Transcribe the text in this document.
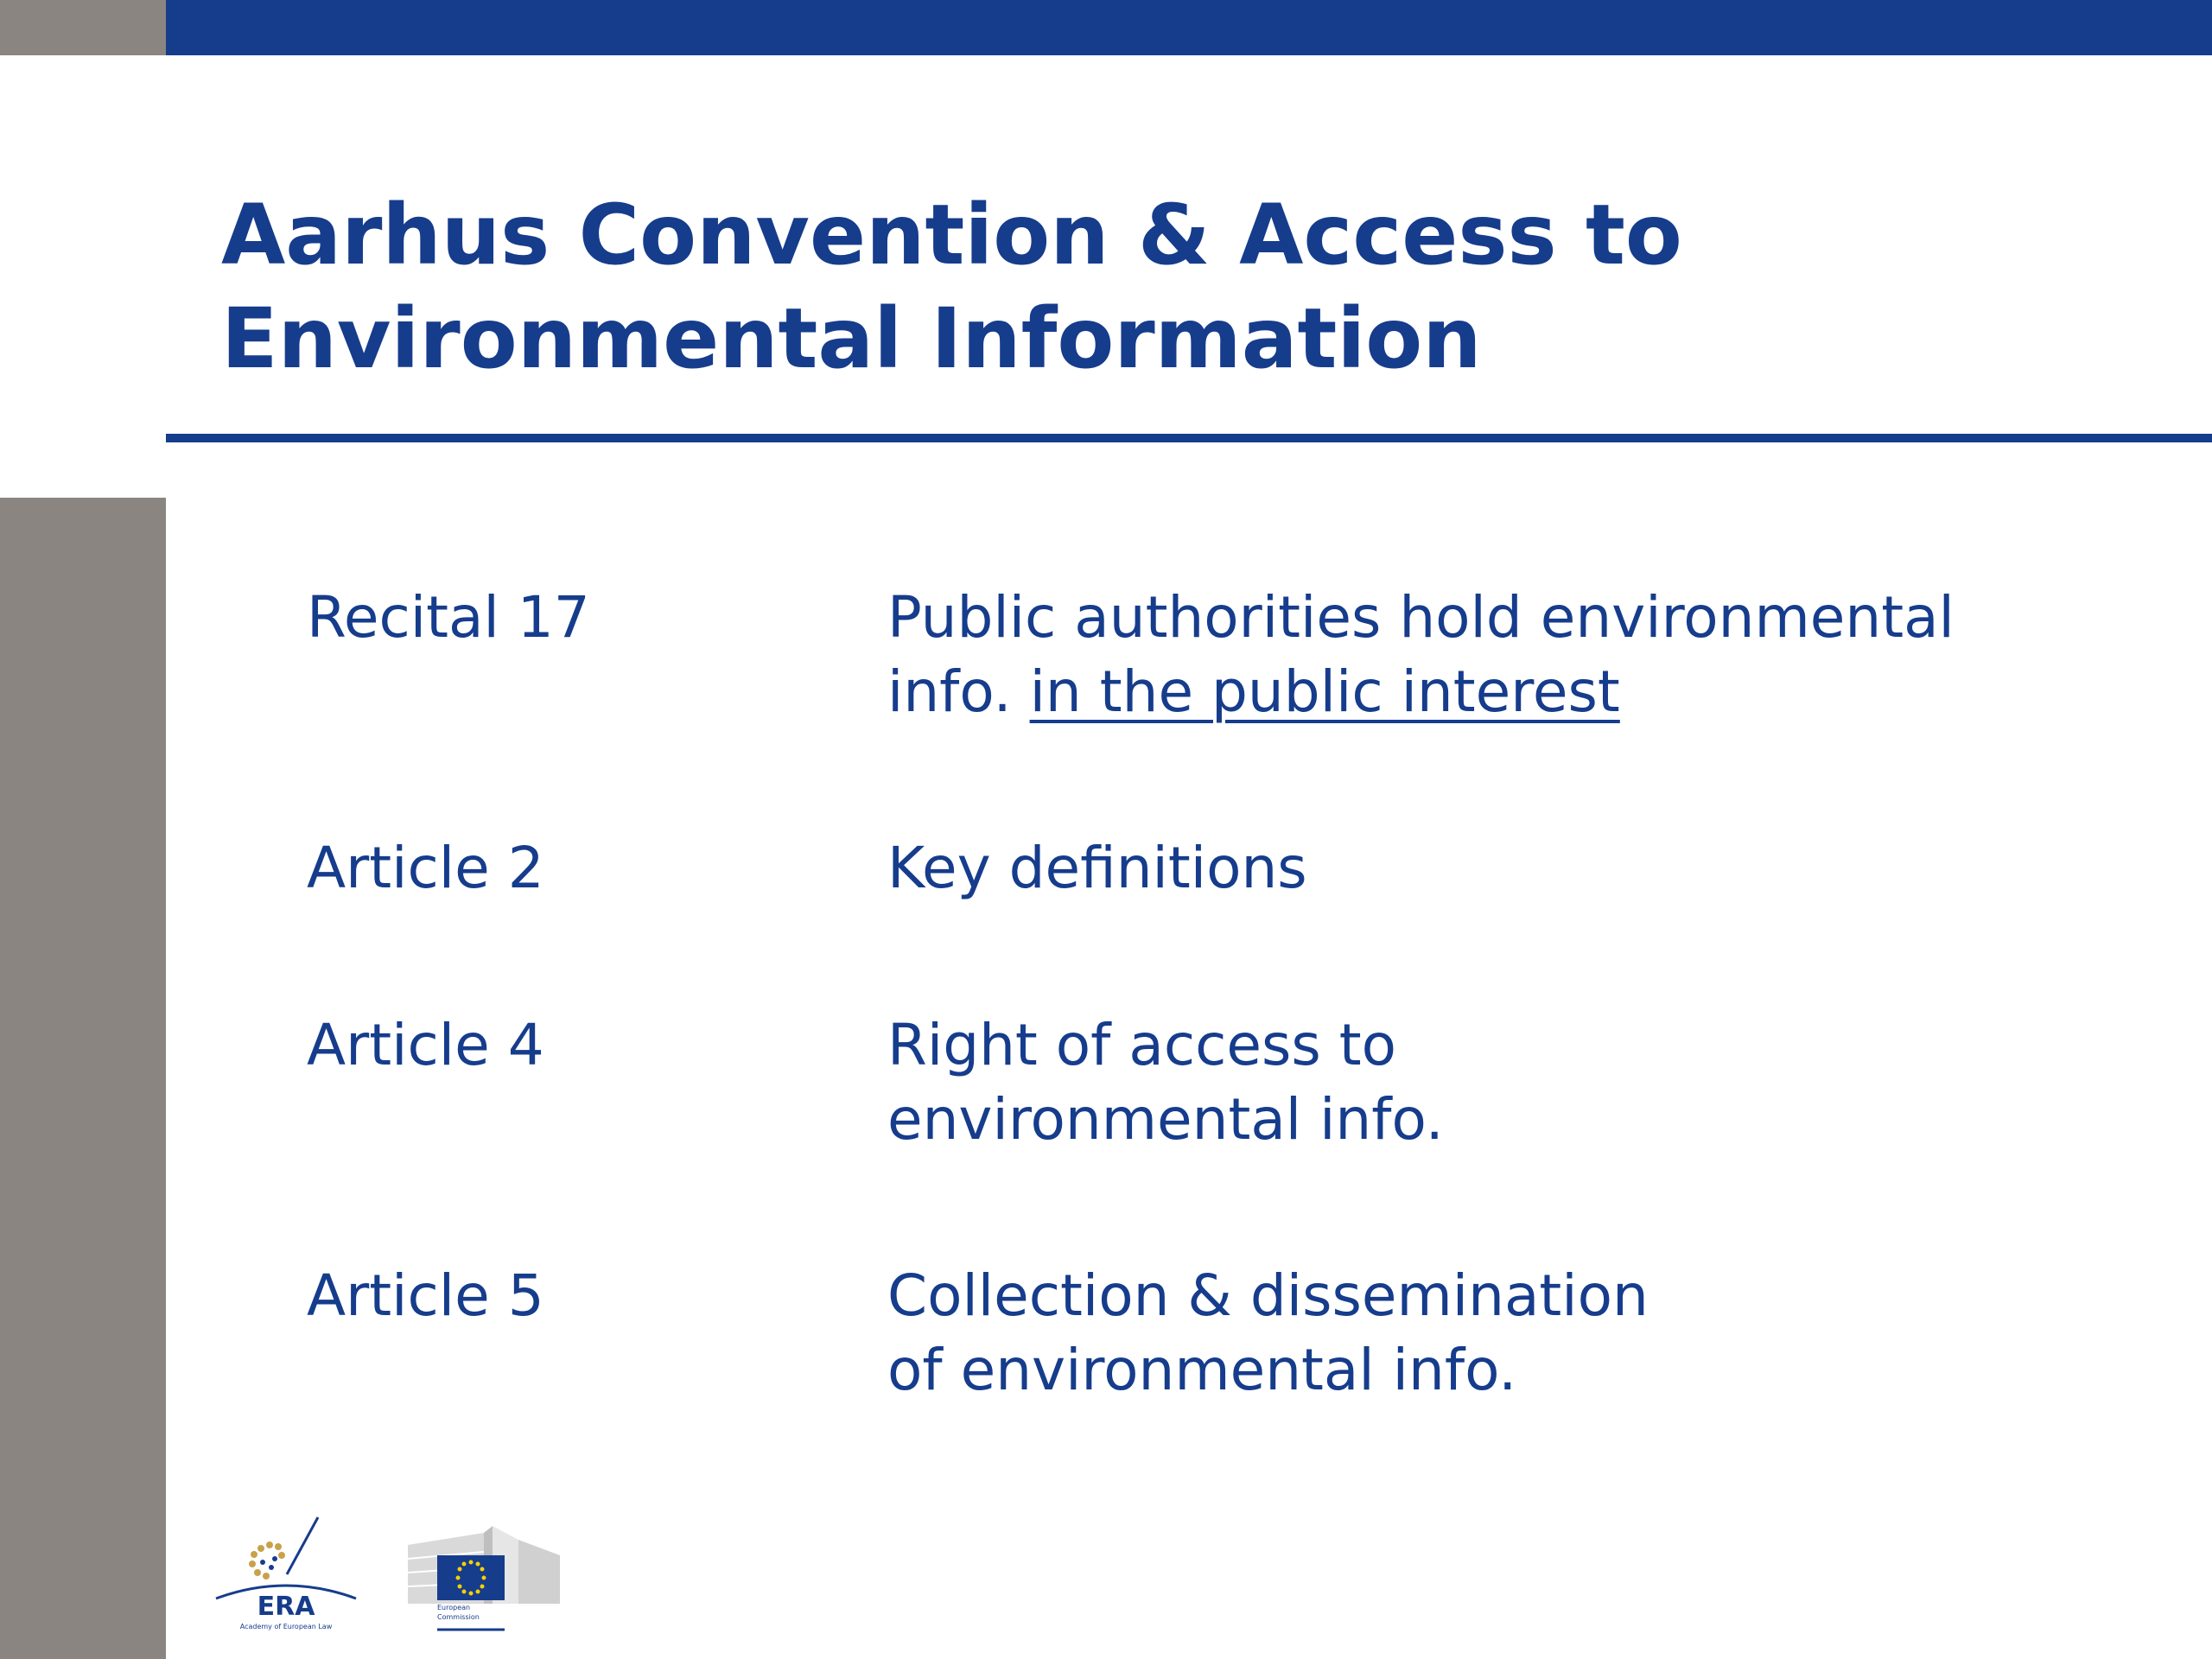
Aarhus Convention & Access to
Environmental Information

Recital 17	Public authorities hold environmental
info. in the public interest

Article 2	Key definitions

Article 4	Right of access to
environmental info.

Article 5	Collection & dissemination
of environmental info.

ERA
Academy of European Law
European
Commission
